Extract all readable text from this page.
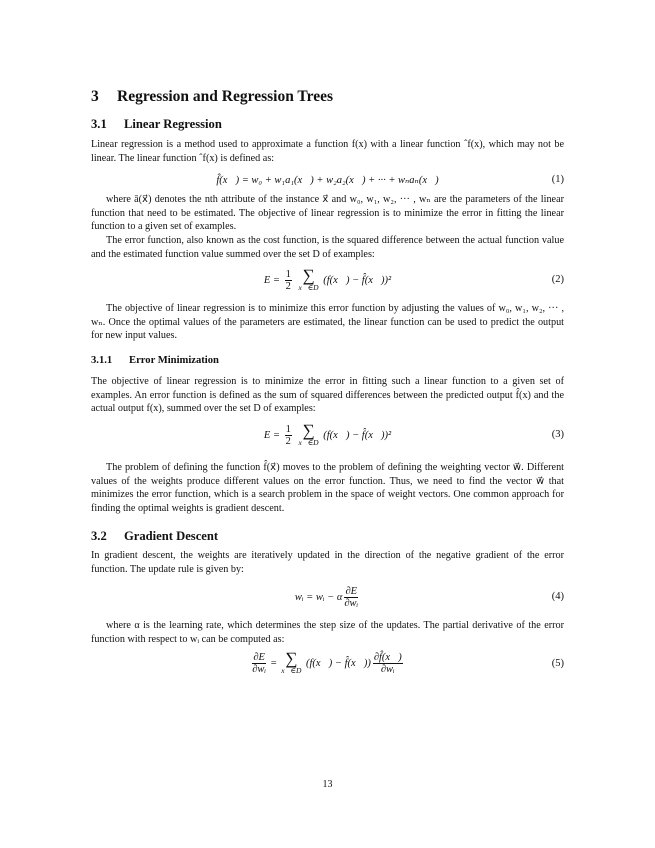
3 Regression and Regression Trees
3.1 Linear Regression

Linear regression is a method used to approximate a function f(x) with a linear function ˆf(x), which may not be linear. The linear function ˆf(x) is defined as:

f̂(x⃗) = w₀ + w₁a₁(x⃗) + w₂a₂(x⃗) + ··· + wₙaₙ(x⃗)	(1)

where ā(x⃗) denotes the nth attribute of the instance x⃗ and w₀, w₁, w₂, ··· , wₙ are the parameters of the linear function that need to be estimated. The objective of linear regression is to minimize the error in fitting the linear function to a given set of examples.

The error function, also known as the cost function, is the squared difference between the actual function value and the estimated function value summed over the set D of examples:

$E = \frac{1}{2}$
∑
x⃗∈D
(f(x⃗) − f̂(x⃗))²	(2)

The objective of linear regression is to minimize this error function by adjusting the values of w₀, w₁, w₂, ··· , wₙ. Once the optimal values of the parameters are estimated, the linear function can be used to predict the output for new input values.

3.1.1 Error Minimization

The objective of linear regression is to minimize the error in fitting such a linear function to a given set of examples. An error function is defined as the sum of squared differences between the predicted output f̂(x) and the actual output f(x), summed over the set D of examples:

$E = \frac{1}{2}$
∑
x⃗∈D
(f(x⃗) − f̂(x⃗))²	(3)

The problem of defining the function f̂(x⃗) moves to the problem of defining the weighting vector w⃗. Different values of the weights produce different values on the error function. Thus, we need to find the vector w⃗ that minimizes the error function, which is a search problem in the space of weight vectors. One common approach for finding the optimal weights is gradient descent.

3.2 Gradient Descent

In gradient descent, the weights are iteratively updated in the direction of the negative gradient of the error function. The update rule is given by:

wᵢ = wᵢ − α $\frac{\partial E}{\text{∂wᵢ}}$	(4)

where α is the learning rate, which determines the step size of the updates. The partial derivative of the error function with respect to wᵢ can be computed as:

$\frac{\partial E}{\text{∂wᵢ}}$ = ∑
x⃗∈D
(f(x⃗) − f̂(x⃗)) $\frac{\partial f̂(x⃗)}{\text{∂wᵢ}}$	(5)
13
